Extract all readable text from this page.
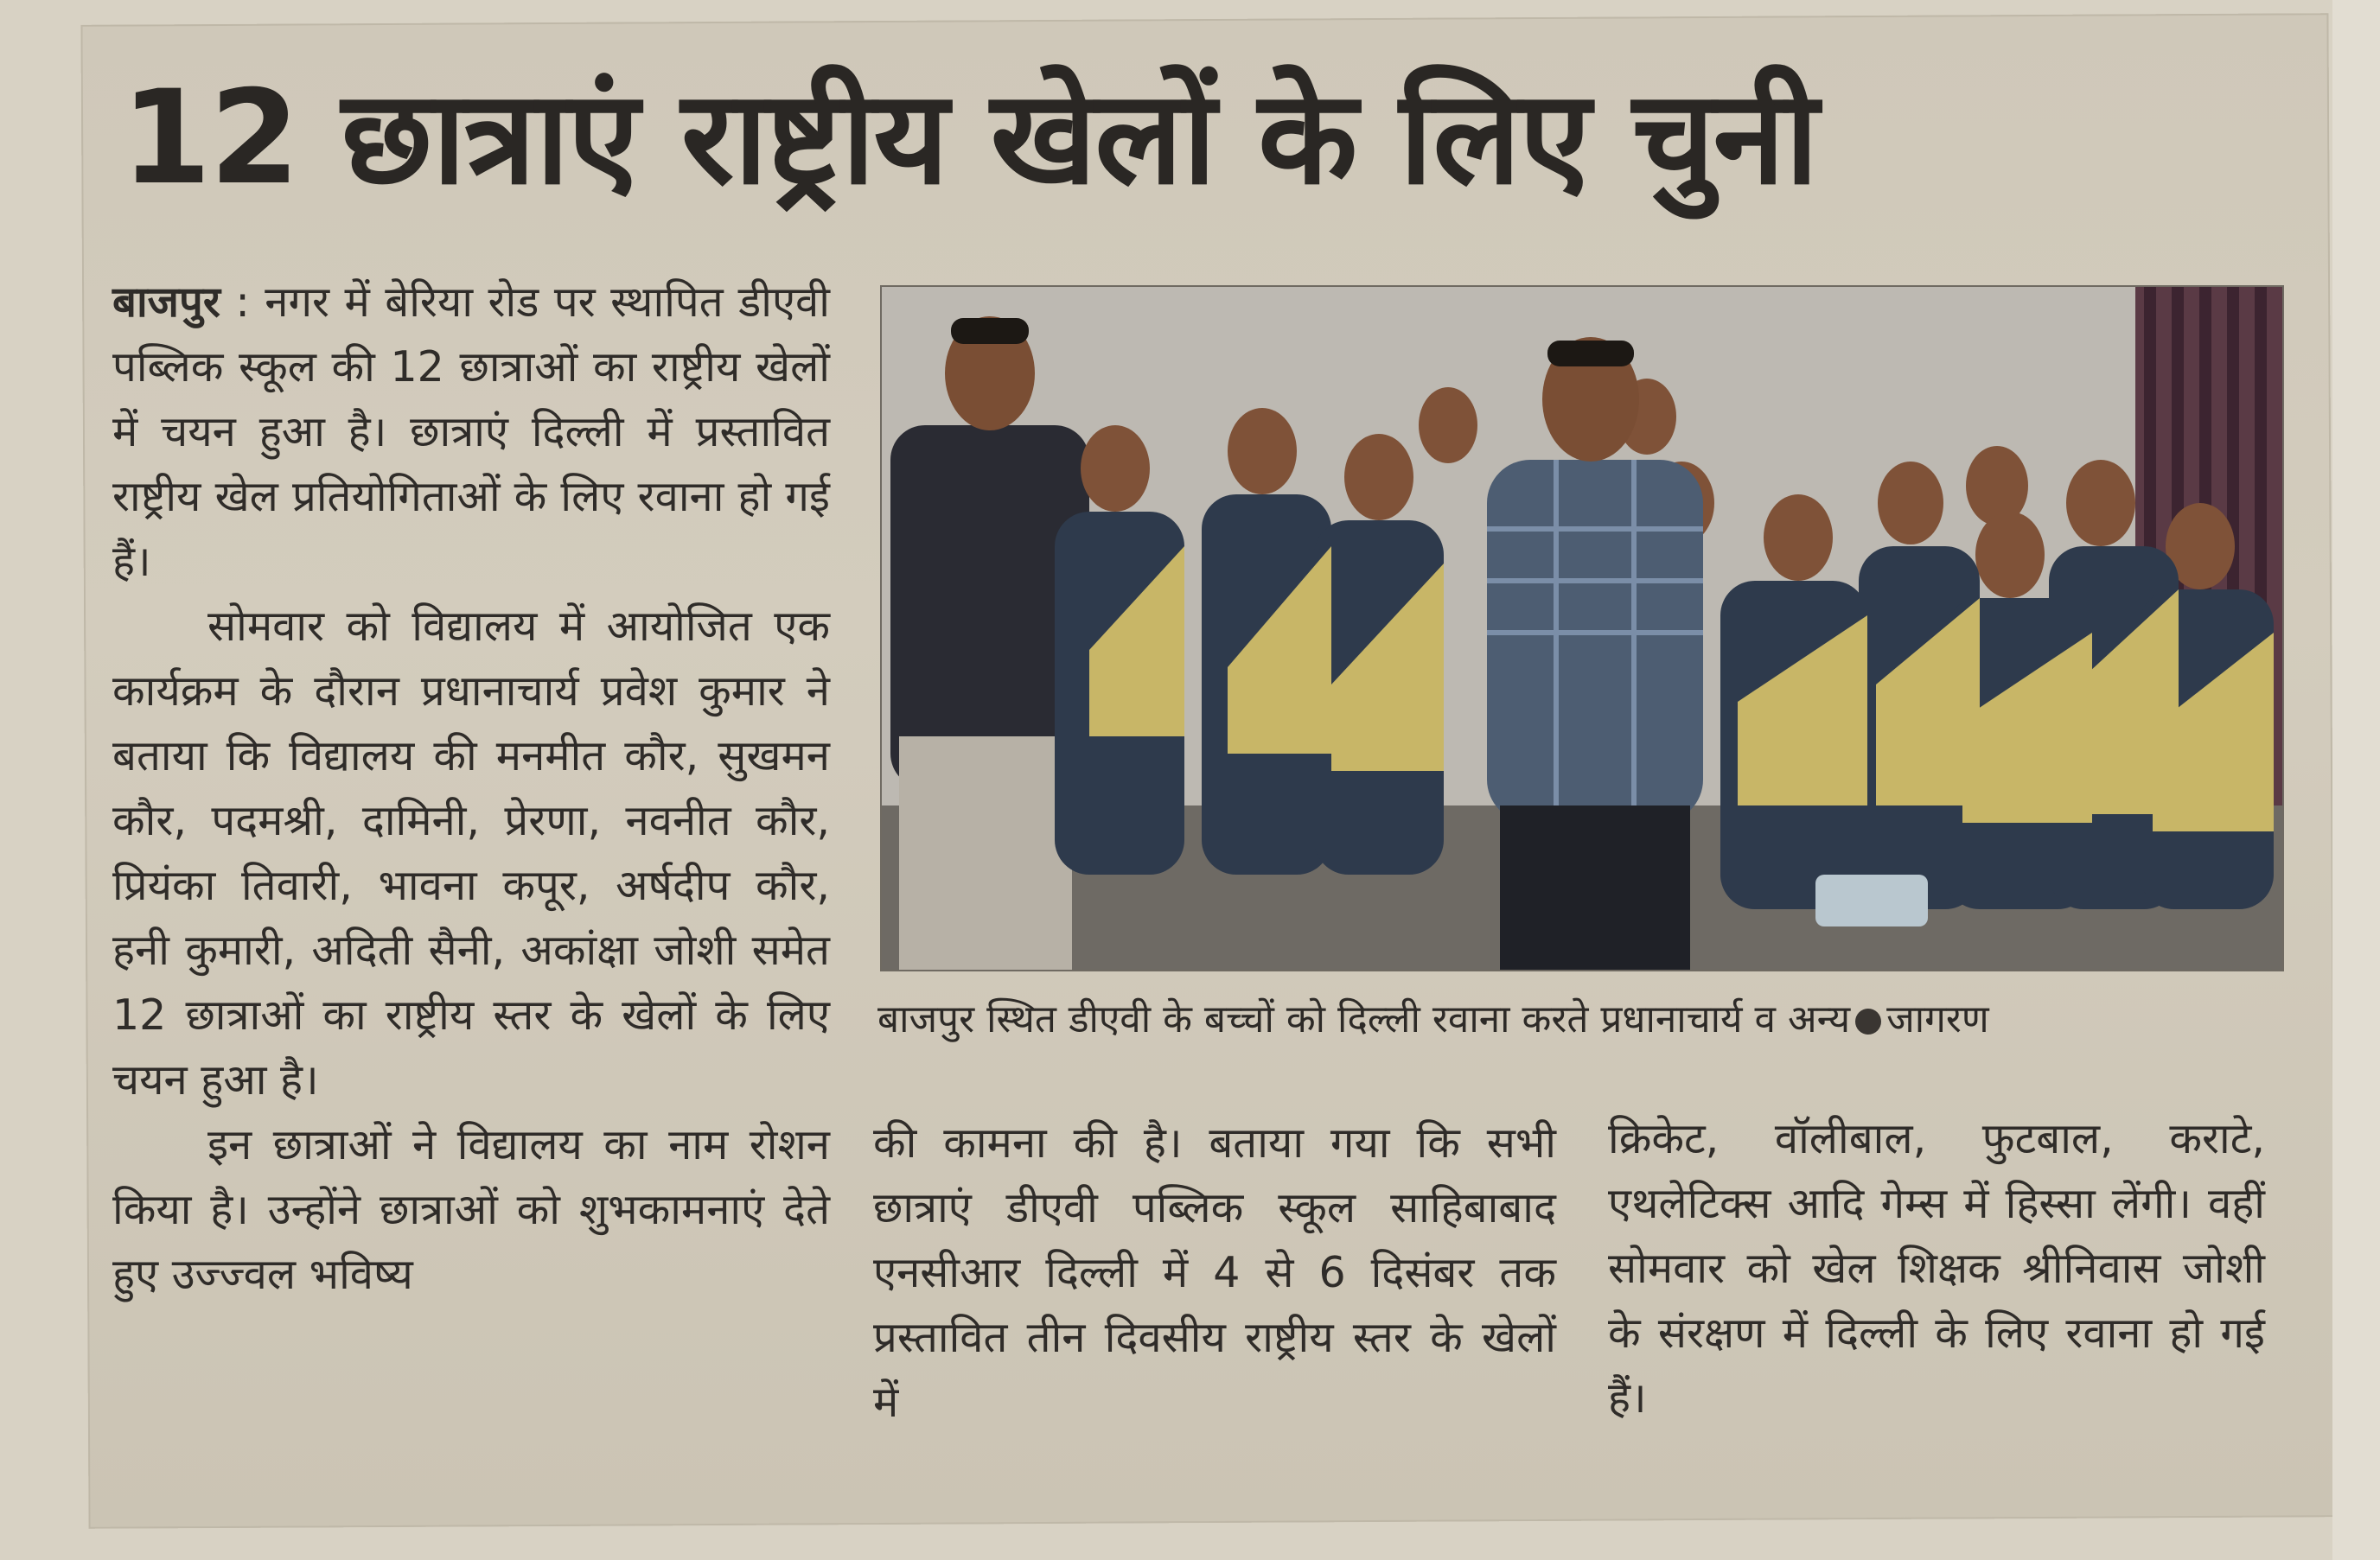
12 छात्राएं राष्ट्रीय खेलों के लिए चुनी

बाजपुर : नगर में बेरिया रोड पर स्थापित डीएवी पब्लिक स्कूल की 12 छात्राओं का राष्ट्रीय खेलों में चयन हुआ है। छात्राएं दिल्ली में प्रस्तावित राष्ट्रीय खेल प्रतियोगिताओं के लिए रवाना हो गई हैं।

सोमवार को विद्यालय में आयोजित एक कार्यक्रम के दौरान प्रधानाचार्य प्रवेश कुमार ने बताया कि विद्यालय की मनमीत कौर, सुखमन कौर, पदमश्री, दामिनी, प्रेरणा, नवनीत कौर, प्रियंका तिवारी, भावना कपूर, अर्षदीप कौर, हनी कुमारी, अदिती सैनी, अकांक्षा जोशी समेत 12 छात्राओं का राष्ट्रीय स्तर के खेलों के लिए चयन हुआ है।

इन छात्राओं ने विद्यालय का नाम रोशन किया है। उन्होंने छात्राओं को शुभकामनाएं देते हुए उज्ज्वल भविष्य

बाजपुर स्थित डीएवी के बच्चों को दिल्ली रवाना करते प्रधानाचार्य व अन्य जागरण

की कामना की है। बताया गया कि सभी छात्राएं डीएवी पब्लिक स्कूल साहिबाबाद एनसीआर दिल्ली में 4 से 6 दिसंबर तक प्रस्तावित तीन दिवसीय राष्ट्रीय स्तर के खेलों में

क्रिकेट, वॉलीबाल, फुटबाल, कराटे, एथलेटिक्स आदि गेम्स में हिस्सा लेंगी। वहीं सोमवार को खेल शिक्षक श्रीनिवास जोशी के संरक्षण में दिल्ली के लिए रवाना हो गई हैं।
